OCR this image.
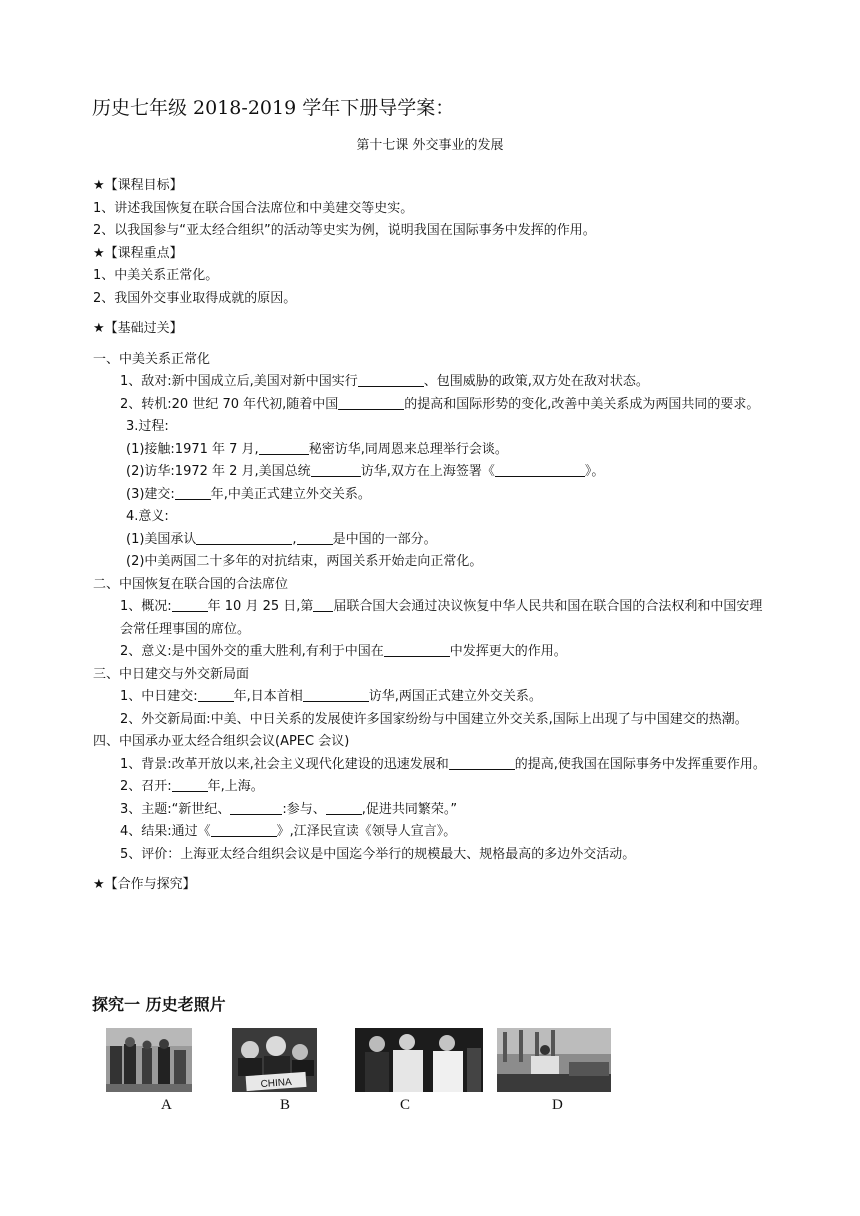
历史七年级 2018-2019 学年下册导学案：
第十七课 外交事业的发展
★【课程目标】
1、讲述我国恢复在联合国合法席位和中美建交等史实。
2、以我国参与“亚太经合组织”的活动等史实为例，说明我国在国际事务中发挥的作用。
★【课程重点】
1、中美关系正常化。
2、我国外交事业取得成就的原因。
★【基础过关】
一、中美关系正常化
1、敌对:新中国成立后,美国对新中国实行	、包围威胁的政策,双方处在敌对状态。
2、转机:20 世纪 70 年代初,随着中国	的提高和国际形势的变化,改善中美关系成为两国共同的要求。
3.过程:
(1)接触:1971 年 7 月,	秘密访华,同周恩来总理举行会谈。
(2)访华:1972 年 2 月,美国总统	访华,双方在上海签署《	》。
(3)建交:	年,中美正式建立外交关系。
4.意义:
(1)美国承认	,	是中国的一部分。
(2)中美两国二十多年的对抗结束，两国关系开始走向正常化。
二、中国恢复在联合国的合法席位
1、概况:	年 10 月 25 日,第 届联合国大会通过决议恢复中华人民共和国在联合国的合法权利和中国安理会常任理事国的席位。
2、意义:是中国外交的重大胜利,有利于中国在	中发挥更大的作用。
三、中日建交与外交新局面
1、中日建交:	年,日本首相	访华,两国正式建立外交关系。
2、外交新局面:中美、中日关系的发展使许多国家纷纷与中国建立外交关系,国际上出现了与中国建交的热潮。
四、中国承办亚太经合组织会议(APEC 会议)
1、背景:改革开放以来,社会主义现代化建设的迅速发展和	的提高,使我国在国际事务中发挥重要作用。
2、召开:	年,上海。
3、主题:“新世纪、	:参与、	,促进共同繁荣。”
4、结果:通过《	》,江泽民宣读《领导人宣言》。
5、评价：上海亚太经合组织会议是中国迄今举行的规模最大、规格最高的多边外交活动。
★【合作与探究】
探究一 历史老照片
CHINA
A	B	C	D
